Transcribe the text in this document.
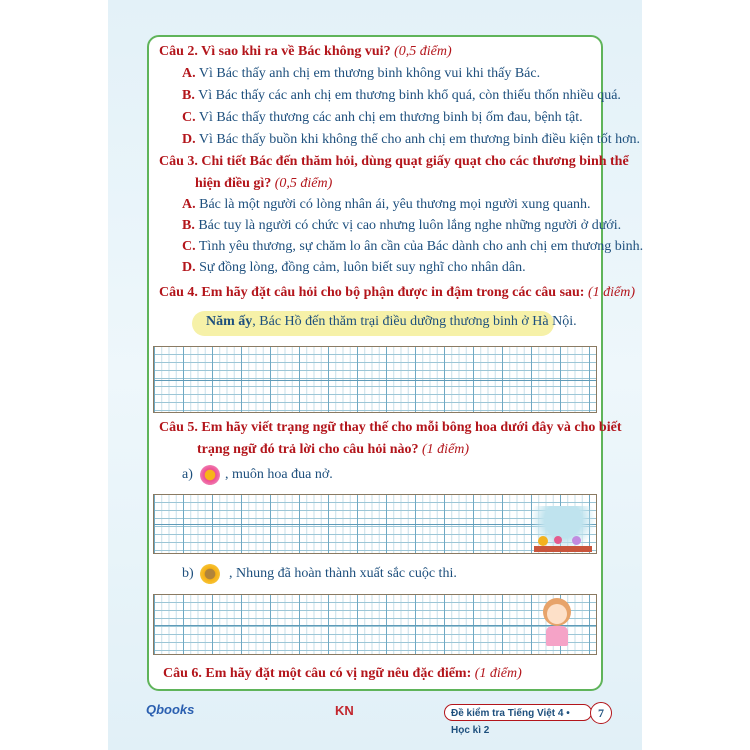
Câu 2. Vì sao khi ra về Bác không vui? (0,5 điểm)
A. Vì Bác thấy anh chị em thương binh không vui khi thấy Bác.
B. Vì Bác thấy các anh chị em thương binh khổ quá, còn thiếu thốn nhiều quá.
C. Vì Bác thấy thương các anh chị em thương binh bị ốm đau, bệnh tật.
D. Vì Bác thấy buồn khi không thể cho anh chị em thương binh điều kiện tốt hơn.
Câu 3. Chi tiết Bác đến thăm hỏi, dùng quạt giấy quạt cho các thương binh thể
hiện điều gì? (0,5 điểm)
A. Bác là một người có lòng nhân ái, yêu thương mọi người xung quanh.
B. Bác tuy là người có chức vị cao nhưng luôn lắng nghe những người ở dưới.
C. Tình yêu thương, sự chăm lo ân cần của Bác dành cho anh chị em thương binh.
D. Sự đồng lòng, đồng cảm, luôn biết suy nghĩ cho nhân dân.
Câu 4. Em hãy đặt câu hỏi cho bộ phận được in đậm trong các câu sau: (1 điểm)
Năm ấy, Bác Hồ đến thăm trại điều dưỡng thương binh ở Hà Nội.
Câu 5. Em hãy viết trạng ngữ thay thế cho mỗi bông hoa dưới đây và cho biết
trạng ngữ đó trả lời cho câu hỏi nào? (1 điểm)
a) , muôn hoa đua nở.
b)	, Nhung đã hoàn thành xuất sắc cuộc thi.
Câu 6. Em hãy đặt một câu có vị ngữ nêu đặc điểm: (1 điểm)
Qbooks	KN	Đề kiểm tra Tiếng Việt 4 • Học kì 2
7
